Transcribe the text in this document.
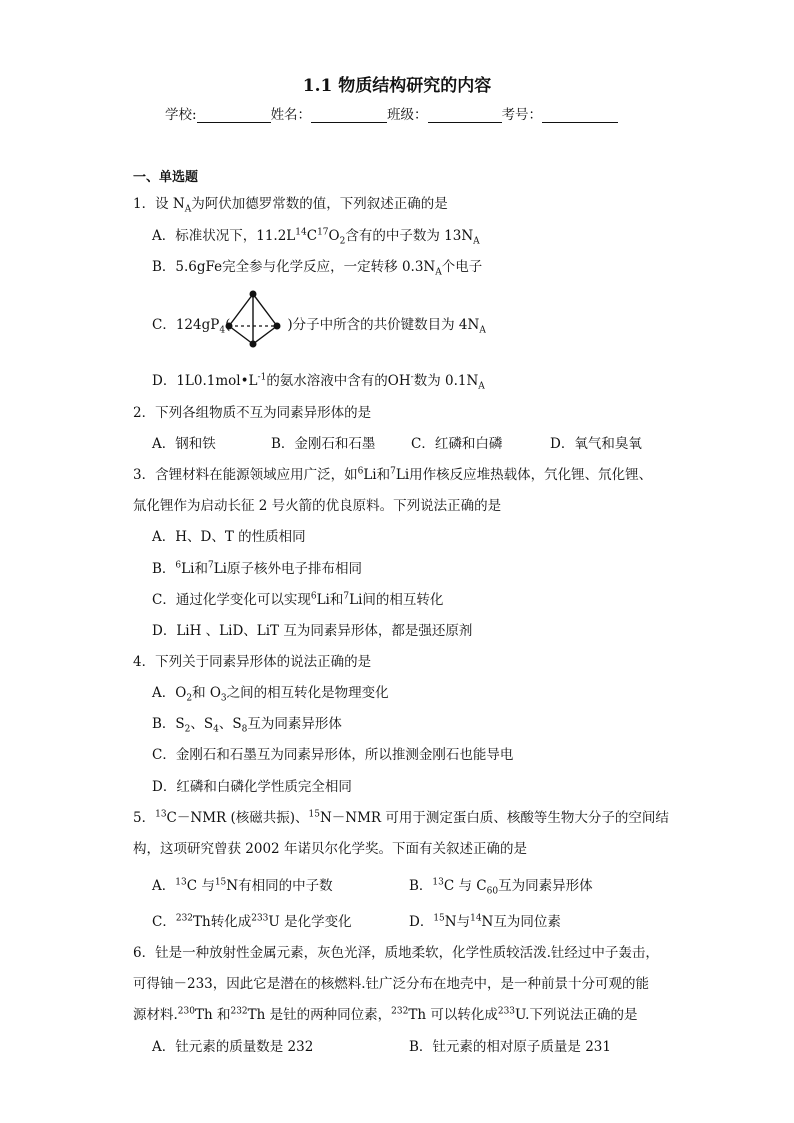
1.1 物质结构研究的内容
学校:	姓名：	班级：	考号：
一、单选题
1．设 $N_A$为阿伏加德罗常数的值，下列叙述正确的是
A．标准状况下，$11.2L^{14}C^{17}O_2$含有的中子数为 $13N_A$
B．5.6gFe完全参与化学反应，一定转移 $0.3N_A$个电子
C．$124gP_4$	)分子中所含的共价键数目为 $4N_A$
D．$1L0.1mol•L^{-1}$的氨水溶液中含有的OH-数为 $0.1N_A$
2．下列各组物质不互为同素异形体的是
A．钢和铁	B．金刚石和石墨	C．红磷和白磷	D．氧气和臭氧
3．含锂材料在能源领域应用广泛，如$^6$Li和$^7$Li用作核反应堆热载体，氕化锂、氘化锂、
氚化锂作为启动长征 2 号火箭的优良原料。下列说法正确的是
A．H、D、T 的性质相同
B．$^6$Li和$^7$Li原子核外电子排布相同
C．通过化学变化可以实现$^6$Li和$^7$Li间的相互转化
D．LiH 、LiD、LiT 互为同素异形体，都是强还原剂
4．下列关于同素异形体的说法正确的是
A．$O_2$和 $O_3$之间的相互转化是物理变化
B．$S_2$、$S_4$、$S_8$互为同素异形体
C．金刚石和石墨互为同素异形体，所以推测金刚石也能导电
D．红磷和白磷化学性质完全相同
5．$^{13}$C－NMR (核磁共振)、$^{15}$N－NMR 可用于测定蛋白质、核酸等生物大分子的空间结
构，这项研究曾获 2002 年诺贝尔化学奖。下面有关叙述正确的是
A．$^{13}$C 与$^{15}$N有相同的中子数	B．$^{13}$C 与 $C_{60}$互为同素异形体
C．$^{232}$Th转化成$^{233}$U 是化学变化	D．$^{15}$N与$^{14}$N互为同位素
6．钍是一种放射性金属元素，灰色光泽，质地柔软，化学性质较活泼.钍经过中子轰击，
可得铀－233，因此它是潜在的核燃料.钍广泛分布在地壳中，是一种前景十分可观的能
源材料.$^{230}$Th 和$^{232}$Th 是钍的两种同位素，$^{232}$Th 可以转化成$^{233}$U.下列说法正确的是
A．钍元素的质量数是 232	B．钍元素的相对原子质量是 231
